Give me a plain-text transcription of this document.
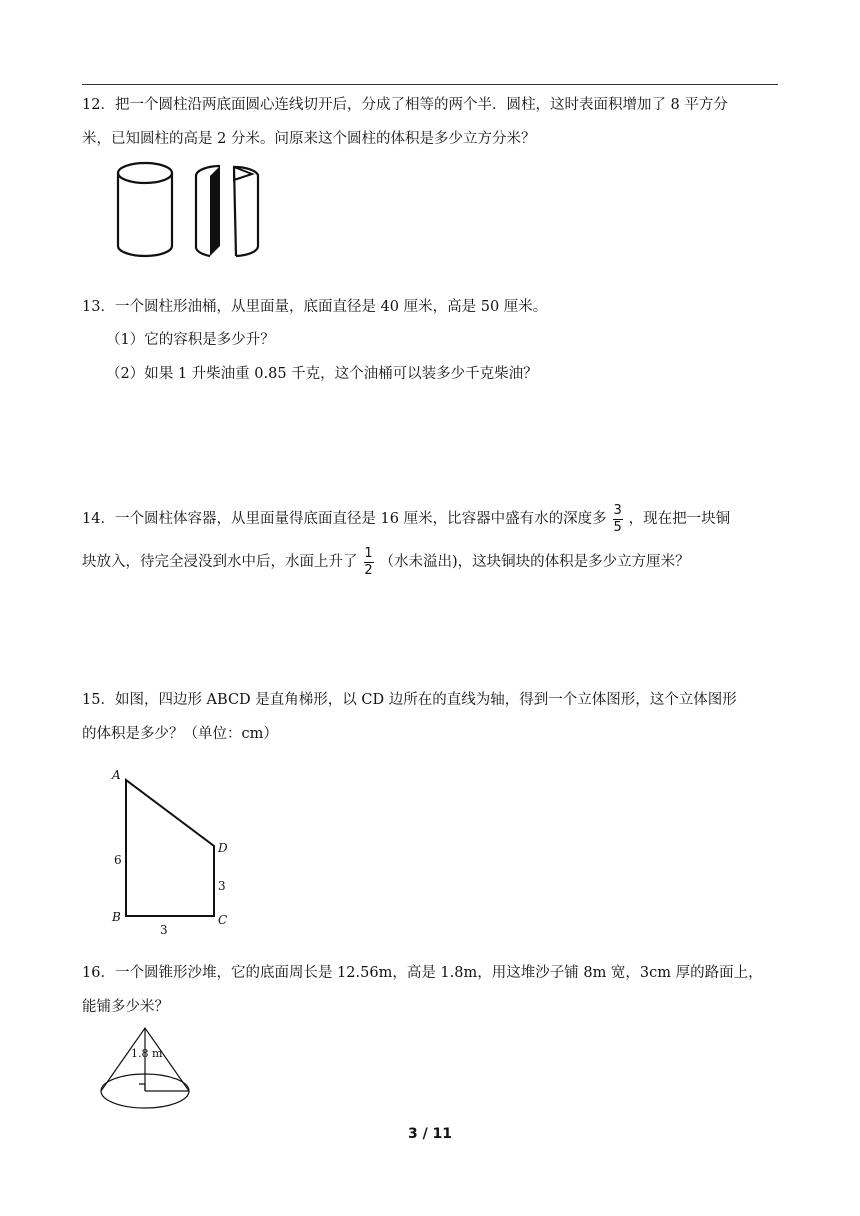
12．把一个圆柱沿两底面圆心连线切开后，分成了相等的两个半．圆柱，这时表面积增加了 8 平方分
米，已知圆柱的高是 2 分米。问原来这个圆柱的体积是多少立方分米？
13．一个圆柱形油桶，从里面量，底面直径是 40 厘米，高是 50 厘米。
（1）它的容积是多少升？
（2）如果 1 升柴油重 0.85 千克，这个油桶可以装多少千克柴油？
14．一个圆柱体容器，从里面量得底面直径是 16 厘米，比容器中盛有水的深度多 $\frac{3}{5}$ ，现在把一块铜
块放入，待完全浸没到水中后，水面上升了 $\frac{1}{2}$ （水未溢出)，这块铜块的体积是多少立方厘米？
15．如图，四边形 ABCD 是直角梯形，以 CD 边所在的直线为轴，得到一个立体图形，这个立体图形
的体积是多少？（单位：cm）
A
B	C
D
6
3
3
16．一个圆锥形沙堆，它的底面周长是 12.56m，高是 1.8m，用这堆沙子铺 8m 宽，3cm 厚的路面上，
能铺多少米？
1.8 m
3 / 11
